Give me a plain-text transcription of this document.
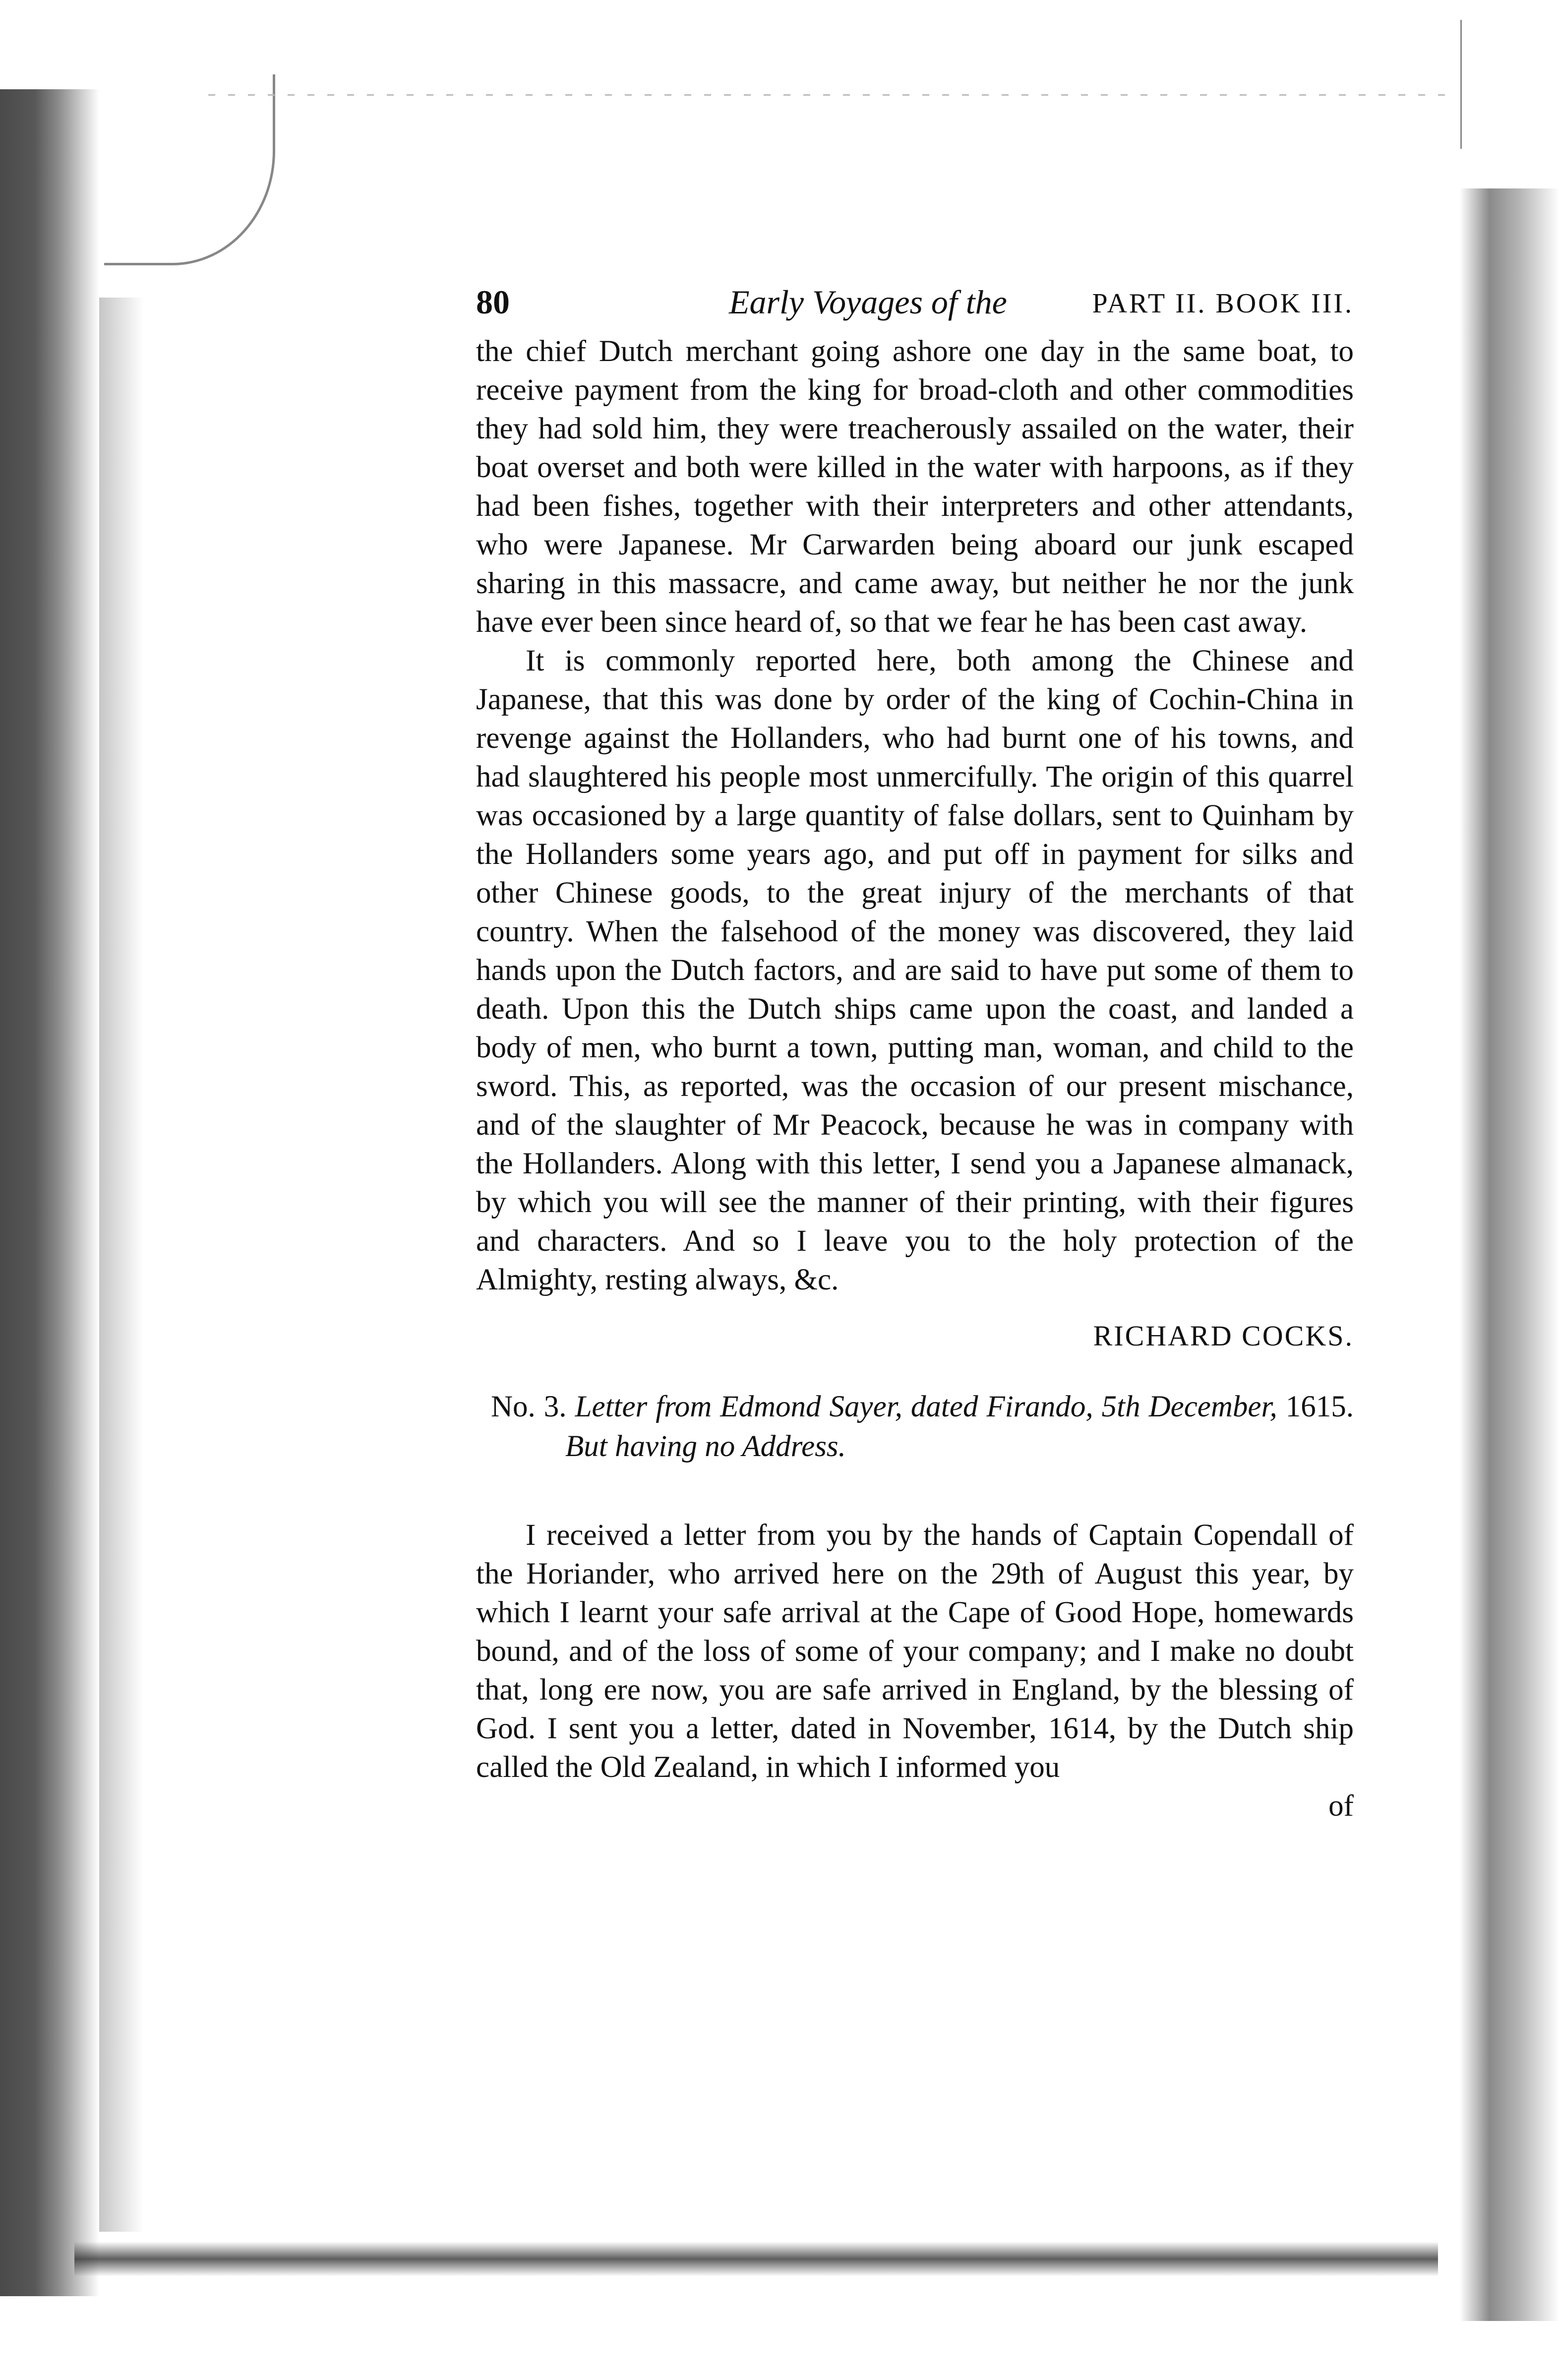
80	Early Voyages of the	PART II. BOOK III.

the chief Dutch merchant going ashore one day in the same boat, to receive payment from the king for broad-cloth and other commodities they had sold him, they were treacherously assailed on the water, their boat overset and both were killed in the water with harpoons, as if they had been fishes, together with their interpreters and other attendants, who were Japanese. Mr Carwarden being aboard our junk escaped sharing in this massacre, and came away, but neither he nor the junk have ever been since heard of, so that we fear he has been cast away.

It is commonly reported here, both among the Chinese and Japanese, that this was done by order of the king of Cochin-China in revenge against the Hollanders, who had burnt one of his towns, and had slaughtered his people most unmercifully. The origin of this quarrel was occasioned by a large quantity of false dollars, sent to Quinham by the Hollanders some years ago, and put off in payment for silks and other Chinese goods, to the great injury of the merchants of that country. When the falsehood of the money was discovered, they laid hands upon the Dutch factors, and are said to have put some of them to death. Upon this the Dutch ships came upon the coast, and landed a body of men, who burnt a town, putting man, woman, and child to the sword. This, as reported, was the occasion of our present mischance, and of the slaughter of Mr Peacock, because he was in company with the Hollanders. Along with this letter, I send you a Japanese almanack, by which you will see the manner of their printing, with their figures and characters. And so I leave you to the holy protection of the Almighty, resting always, &c.

RICHARD COCKS.

No. 3. Letter from Edmond Sayer, dated Firando, 5th December, 1615. But having no Address.

I received a letter from you by the hands of Captain Copendall of the Horiander, who arrived here on the 29th of August this year, by which I learnt your safe arrival at the Cape of Good Hope, homewards bound, and of the loss of some of your company; and I make no doubt that, long ere now, you are safe arrived in England, by the blessing of God. I sent you a letter, dated in November, 1614, by the Dutch ship called the Old Zealand, in which I informed you

of
